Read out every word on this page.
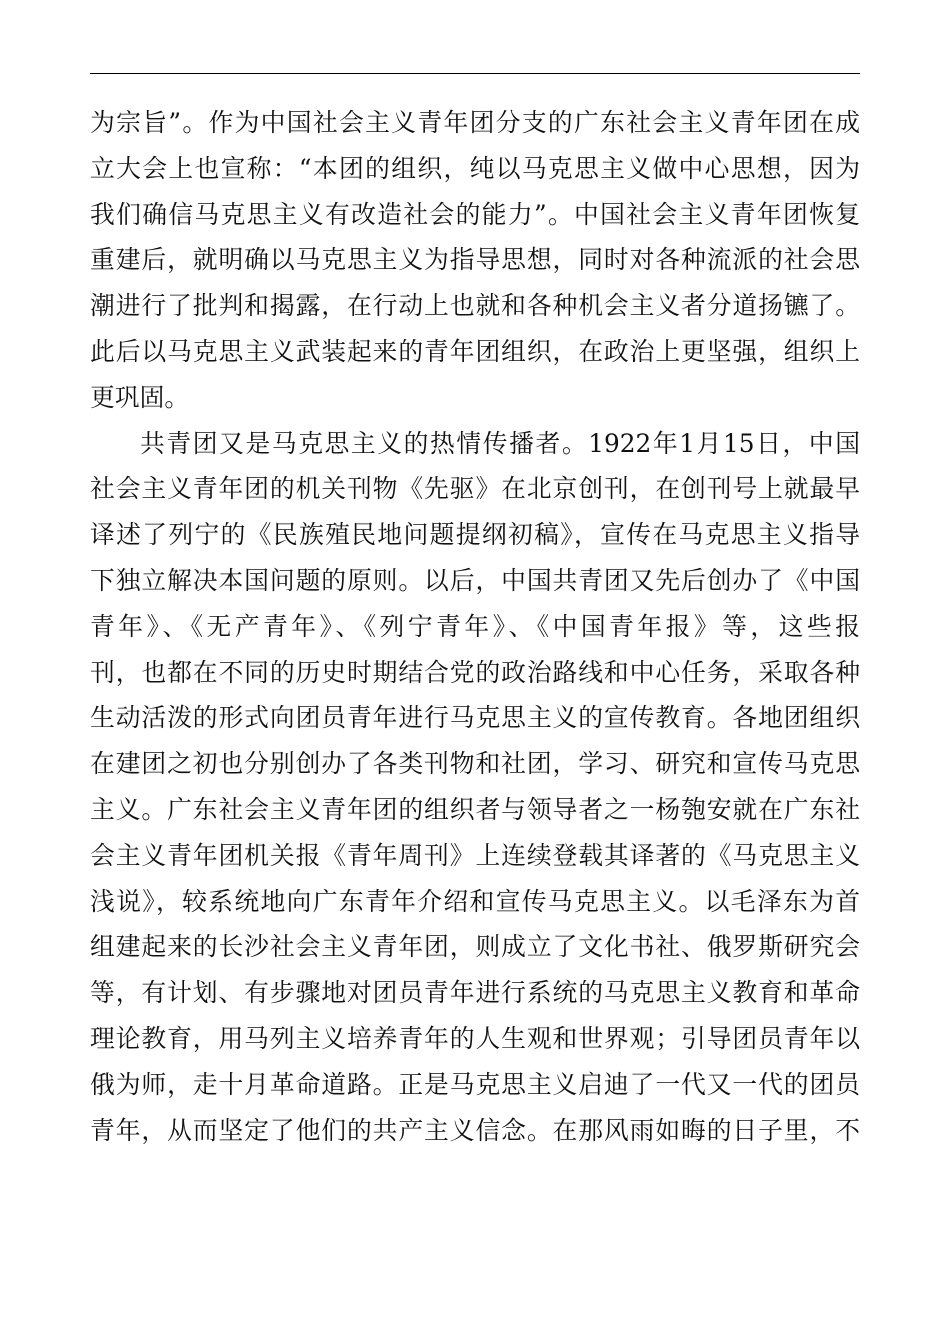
为宗旨”。作为中国社会主义青年团分支的广东社会主义青年团在成
立大会上也宣称：“本团的组织，纯以马克思主义做中心思想，因为
我们确信马克思主义有改造社会的能力”。中国社会主义青年团恢复
重建后，就明确以马克思主义为指导思想，同时对各种流派的社会思
潮进行了批判和揭露，在行动上也就和各种机会主义者分道扬镳了。
此后以马克思主义武装起来的青年团组织，在政治上更坚强，组织上
更巩固。
共青团又是马克思主义的热情传播者。1922年1月15日，中国
社会主义青年团的机关刊物《先驱》在北京创刊，在创刊号上就最早
译述了列宁的《民族殖民地问题提纲初稿》，宣传在马克思主义指导
下独立解决本国问题的原则。以后，中国共青团又先后创办了《中国
青年》、《无产青年》、《列宁青年》、《中国青年报》等，这些报
刊，也都在不同的历史时期结合党的政治路线和中心任务，采取各种
生动活泼的形式向团员青年进行马克思主义的宣传教育。各地团组织
在建团之初也分别创办了各类刊物和社团，学习、研究和宣传马克思
主义。广东社会主义青年团的组织者与领导者之一杨匏安就在广东社
会主义青年团机关报《青年周刊》上连续登载其译著的《马克思主义
浅说》，较系统地向广东青年介绍和宣传马克思主义。以毛泽东为首
组建起来的长沙社会主义青年团，则成立了文化书社、俄罗斯研究会
等，有计划、有步骤地对团员青年进行系统的马克思主义教育和革命
理论教育，用马列主义培养青年的人生观和世界观；引导团员青年以
俄为师，走十月革命道路。正是马克思主义启迪了一代又一代的团员
青年，从而坚定了他们的共产主义信念。在那风雨如晦的日子里，不
